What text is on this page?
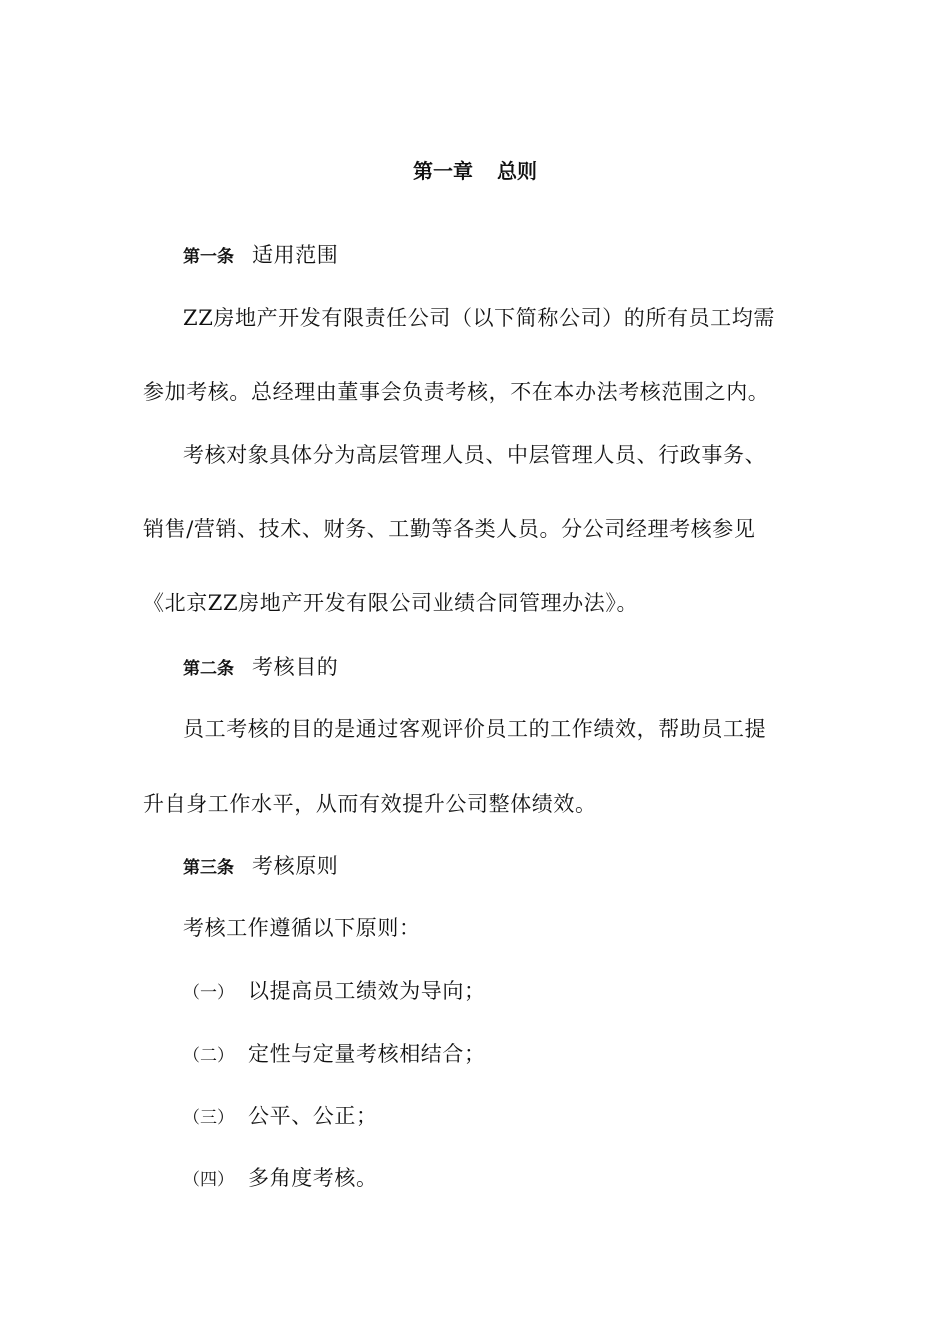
第一章 总则
第一条 适用范围
ZZ房地产开发有限责任公司（以下简称公司）的所有员工均需
参加考核。总经理由董事会负责考核，不在本办法考核范围之内。
考核对象具体分为高层管理人员、中层管理人员、行政事务、
销售/营销、技术、财务、工勤等各类人员。分公司经理考核参见
《北京ZZ房地产开发有限公司业绩合同管理办法》。
第二条 考核目的
员工考核的目的是通过客观评价员工的工作绩效，帮助员工提
升自身工作水平，从而有效提升公司整体绩效。
第三条 考核原则
考核工作遵循以下原则：
（一） 以提高员工绩效为导向；
（二） 定性与定量考核相结合；
（三） 公平、公正；
（四） 多角度考核。
